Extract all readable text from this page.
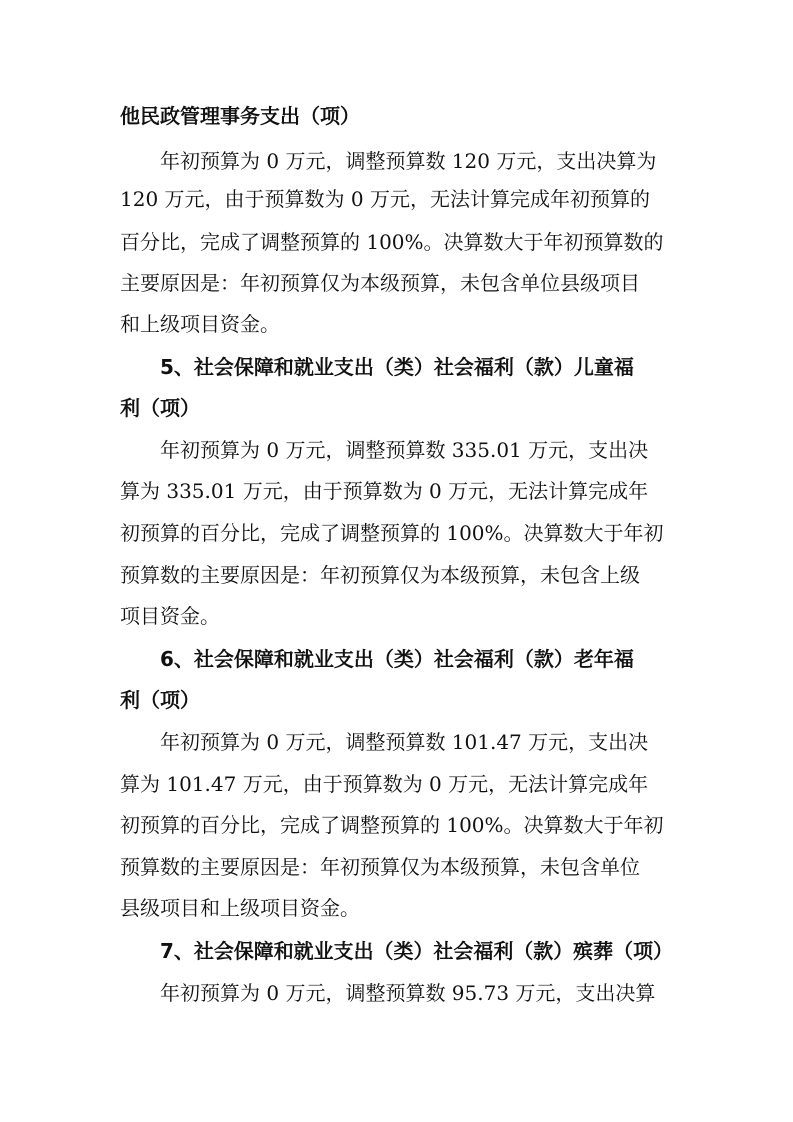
他民政管理事务支出（项）
年初预算为 0 万元，调整预算数 120 万元，支出决算为
120 万元，由于预算数为 0 万元，无法计算完成年初预算的
百分比，完成了调整预算的 100%。决算数大于年初预算数的
主要原因是：年初预算仅为本级预算，未包含单位县级项目
和上级项目资金。
5、社会保障和就业支出（类）社会福利（款）儿童福
利（项）
年初预算为 0 万元，调整预算数 335.01 万元，支出决
算为 335.01 万元，由于预算数为 0 万元，无法计算完成年
初预算的百分比，完成了调整预算的 100%。决算数大于年初
预算数的主要原因是：年初预算仅为本级预算，未包含上级
项目资金。
6、社会保障和就业支出（类）社会福利（款）老年福
利（项）
年初预算为 0 万元，调整预算数 101.47 万元，支出决
算为 101.47 万元，由于预算数为 0 万元，无法计算完成年
初预算的百分比，完成了调整预算的 100%。决算数大于年初
预算数的主要原因是：年初预算仅为本级预算，未包含单位
县级项目和上级项目资金。
7、社会保障和就业支出（类）社会福利（款）殡葬（项）
年初预算为 0 万元，调整预算数 95.73 万元，支出决算
